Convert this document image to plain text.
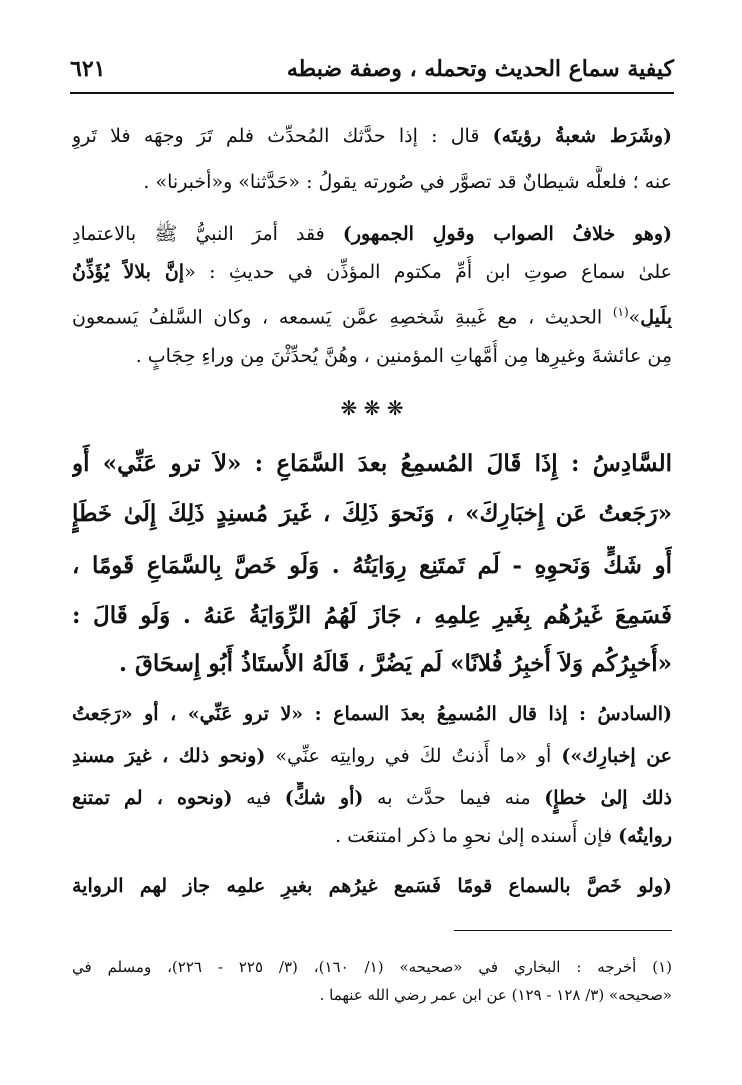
كيفية سماع الحديث وتحمله ، وصفة ضبطه
٦٢١
(وشَرَط شعبةُ رؤيتَه) قال : إذا حدَّثك المُحدِّث فلم تَرَ وجهَه فلا تَروِ
عنه ؛ فلعلَّه شيطانٌ قد تصوَّر في صُورته يقولُ : «حَدَّثنا» و«أخبرنا» .
(وهو خلافُ الصواب وقولِ الجمهور) فقد أمرَ النبيُّ ﷺ بالاعتمادِ
علىٰ سماع صوتِ ابن أُمِّ مكتوم المؤذِّن في حديثِ : «إنَّ بلالاً يُؤَذِّنُ
بِلَيلٍ»$^{(١)}$ الحديث ، مع غَيبةِ شَخصِهِ عمَّن يَسمعه ، وكان السَّلفُ يَسمعون
مِن عائشةَ وغيرِها مِن أُمَّهاتِ المؤمنين ، وهُنَّ يُحدِّثْنَ مِن وراءِ حِجَابٍ .
❋ ❋ ❋
السَّادِسُ : إِذَا قَالَ المُسمِعُ بعدَ السَّمَاعِ : «لاَ ترو عَنِّي» أَو
«رَجَعتُ عَن إِخبَارِكَ» ، وَنَحوَ ذَلِكَ ، غَيرَ مُسنِدٍ ذَلِكَ إِلَىٰ خَطَإٍ
أَو شَكٍّ وَنَحوِهِ - لَم تَمتَنِع رِوَايَتُهُ . وَلَو خَصَّ بِالسَّمَاعِ قَومًا ،
فَسَمِعَ غَيرُهُم بِغَيرِ عِلمِهِ ، جَازَ لَهُمُ الرِّوَايَةُ عَنهُ . وَلَو قَالَ :
«أُخبِرُكُم وَلاَ أُخبِرُ فُلانًا» لَم يَضُرَّ ، قَالَهُ الأُستَاذُ أَبُو إِسحَاقَ .
(السادسُ : إذا قال المُسمِعُ بعدَ السماع : «لا ترو عَنِّي» ، أو «رَجَعتُ
عن إخبارِك») أو «ما أَذنتُ لكَ في روايتِه عنِّي» (ونحو ذلك ، غيرَ مسندِ
ذلك إلىٰ خطإٍ) منه فيما حدَّث به (أو شكٍّ) فيه (ونحوه ، لم تمتنع
روايتُه) فإن أَسنده إلىٰ نحوِ ما ذكر امتنعَت .
(ولو خَصَّ بالسماع قومًا فَسَمع غيرُهم بغيرِ علمِه جاز لهم الرواية
(١) أخرجه : البخاري في «صحيحه» (١/ ١٦٠)، (٣/ ٢٢٥ - ٢٢٦)، ومسلم في
«صحيحه» (٣/ ١٢٨ - ١٢٩) عن ابن عمر رضي الله عنهما .
